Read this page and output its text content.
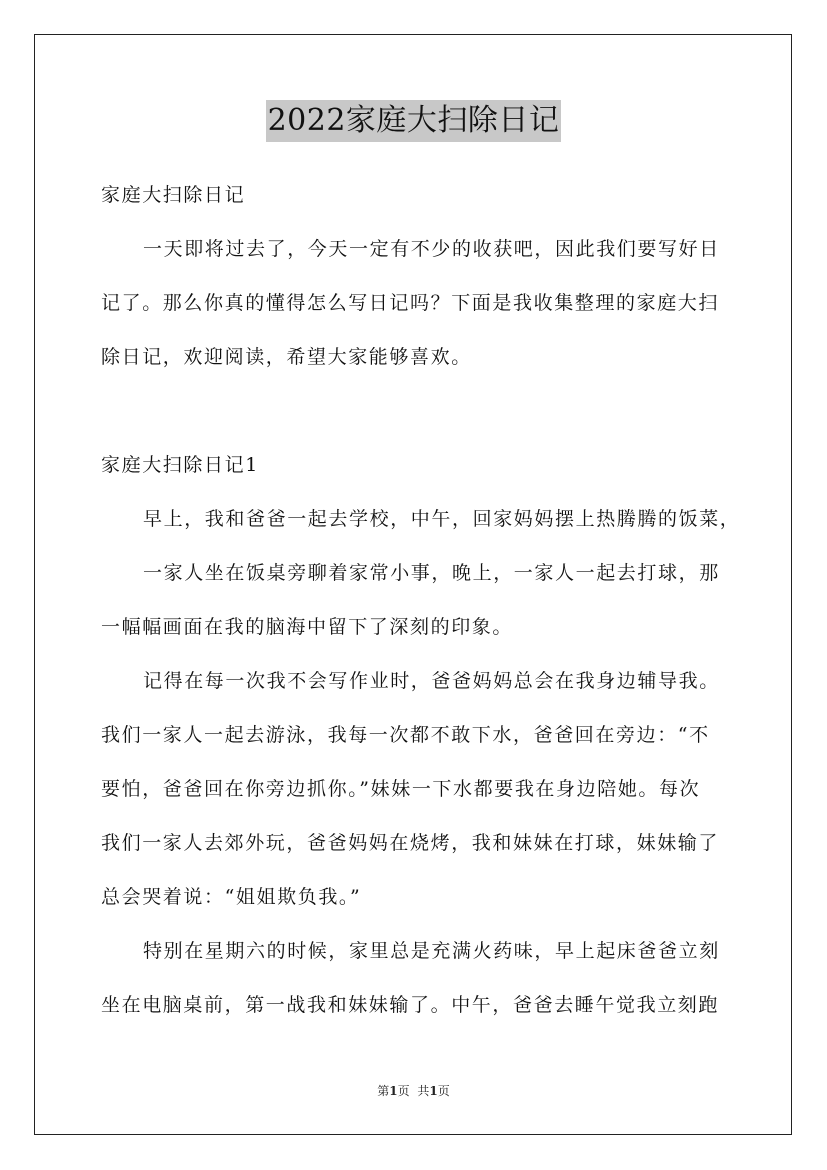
2022家庭大扫除日记
家庭大扫除日记
一天即将过去了，今天一定有不少的收获吧，因此我们要写好日
记了。那么你真的懂得怎么写日记吗？下面是我收集整理的家庭大扫
除日记，欢迎阅读，希望大家能够喜欢。
家庭大扫除日记1
早上，我和爸爸一起去学校，中午，回家妈妈摆上热腾腾的饭菜，
一家人坐在饭桌旁聊着家常小事，晚上，一家人一起去打球，那
一幅幅画面在我的脑海中留下了深刻的印象。
记得在每一次我不会写作业时，爸爸妈妈总会在我身边辅导我。
我们一家人一起去游泳，我每一次都不敢下水，爸爸回在旁边：“不
要怕，爸爸回在你旁边抓你。”妹妹一下水都要我在身边陪她。每次
我们一家人去郊外玩，爸爸妈妈在烧烤，我和妹妹在打球，妹妹输了
总会哭着说：“姐姐欺负我。”
特别在星期六的时候，家里总是充满火药味，早上起床爸爸立刻
坐在电脑桌前，第一战我和妹妹输了。中午，爸爸去睡午觉我立刻跑
第1页 共1页
